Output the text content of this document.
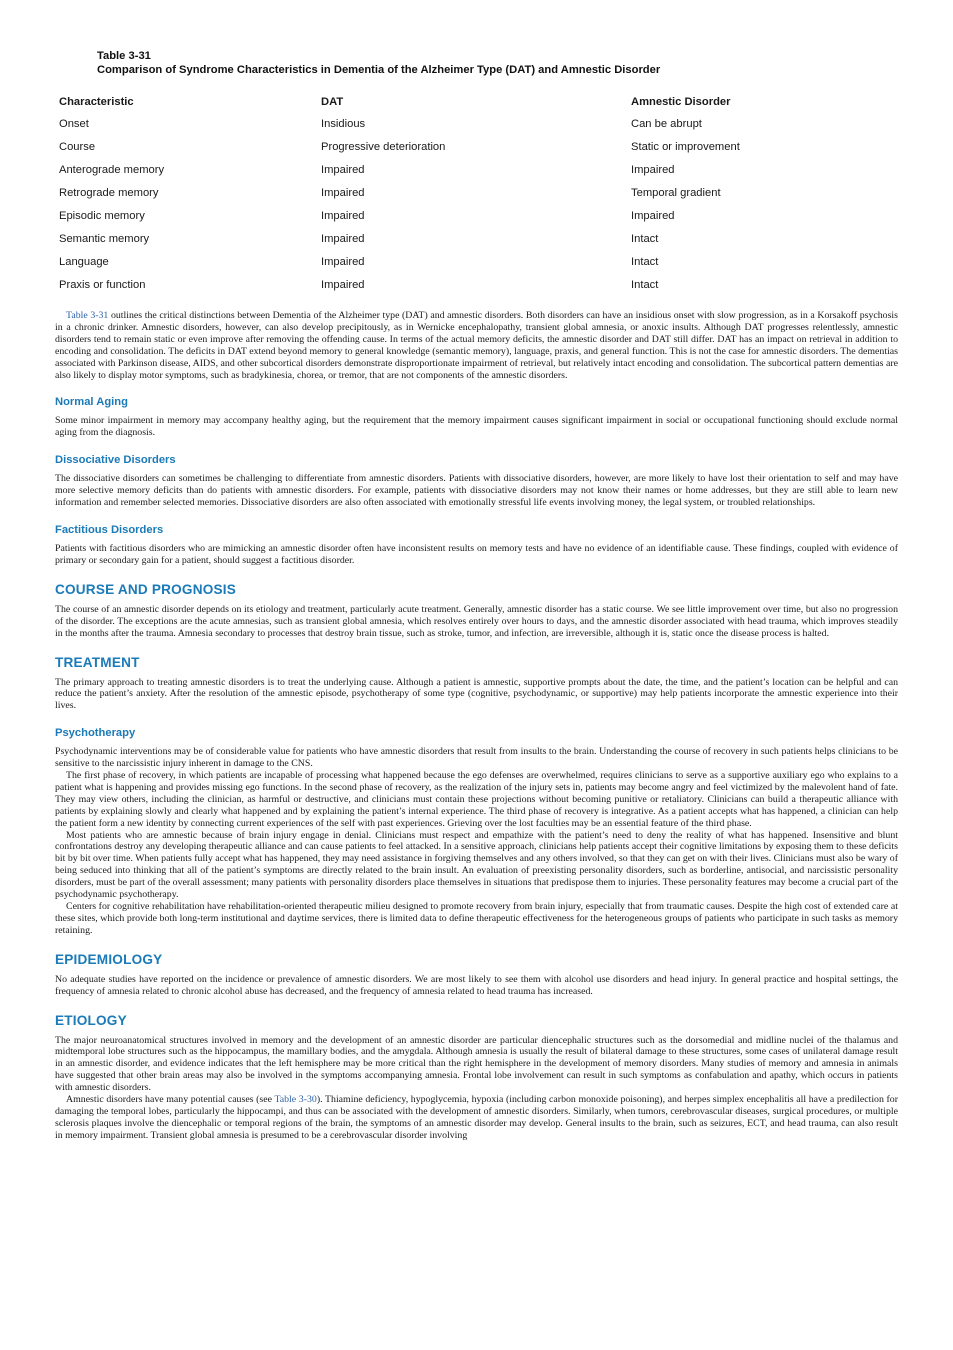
Table 3-31
Comparison of Syndrome Characteristics in Dementia of the Alzheimer Type (DAT) and Amnestic Disorder
Characteristic	DAT	Amnestic Disorder
Onset	Insidious	Can be abrupt
Course	Progressive deterioration	Static or improvement
Anterograde memory	Impaired	Impaired
Retrograde memory	Impaired	Temporal gradient
Episodic memory	Impaired	Impaired
Semantic memory	Impaired	Intact
Language	Impaired	Intact
Praxis or function	Impaired	Intact

Table 3-31 outlines the critical distinctions between Dementia of the Alzheimer type (DAT) and amnestic disorders. Both disorders can have an insidious onset with slow progression, as in a Korsakoff psychosis in a chronic drinker. Amnestic disorders, however, can also develop precipitously, as in Wernicke encephalopathy, transient global amnesia, or anoxic insults. Although DAT progresses relentlessly, amnestic disorders tend to remain static or even improve after removing the offending cause. In terms of the actual memory deficits, the amnestic disorder and DAT still differ. DAT has an impact on retrieval in addition to encoding and consolidation. The deficits in DAT extend beyond memory to general knowledge (semantic memory), language, praxis, and general function. This is not the case for amnestic disorders. The dementias associated with Parkinson disease, AIDS, and other subcortical disorders demonstrate disproportionate impairment of retrieval, but relatively intact encoding and consolidation. The subcortical pattern dementias are also likely to display motor symptoms, such as bradykinesia, chorea, or tremor, that are not components of the amnestic disorders.

Normal Aging

Some minor impairment in memory may accompany healthy aging, but the requirement that the memory impairment causes significant impairment in social or occupational functioning should exclude normal aging from the diagnosis.

Dissociative Disorders

The dissociative disorders can sometimes be challenging to differentiate from amnestic disorders. Patients with dissociative disorders, however, are more likely to have lost their orientation to self and may have more selective memory deficits than do patients with amnestic disorders. For example, patients with dissociative disorders may not know their names or home addresses, but they are still able to learn new information and remember selected memories. Dissociative disorders are also often associated with emotionally stressful life events involving money, the legal system, or troubled relationships.

Factitious Disorders

Patients with factitious disorders who are mimicking an amnestic disorder often have inconsistent results on memory tests and have no evidence of an identifiable cause. These findings, coupled with evidence of primary or secondary gain for a patient, should suggest a factitious disorder.

COURSE AND PROGNOSIS

The course of an amnestic disorder depends on its etiology and treatment, particularly acute treatment. Generally, amnestic disorder has a static course. We see little improvement over time, but also no progression of the disorder. The exceptions are the acute amnesias, such as transient global amnesia, which resolves entirely over hours to days, and the amnestic disorder associated with head trauma, which improves steadily in the months after the trauma. Amnesia secondary to processes that destroy brain tissue, such as stroke, tumor, and infection, are irreversible, although it is, static once the disease process is halted.

TREATMENT

The primary approach to treating amnestic disorders is to treat the underlying cause. Although a patient is amnestic, supportive prompts about the date, the time, and the patient’s location can be helpful and can reduce the patient’s anxiety. After the resolution of the amnestic episode, psychotherapy of some type (cognitive, psychodynamic, or supportive) may help patients incorporate the amnestic experience into their lives.

Psychotherapy

Psychodynamic interventions may be of considerable value for patients who have amnestic disorders that result from insults to the brain. Understanding the course of recovery in such patients helps clinicians to be sensitive to the narcissistic injury inherent in damage to the CNS.

The first phase of recovery, in which patients are incapable of processing what happened because the ego defenses are overwhelmed, requires clinicians to serve as a supportive auxiliary ego who explains to a patient what is happening and provides missing ego functions. In the second phase of recovery, as the realization of the injury sets in, patients may become angry and feel victimized by the malevolent hand of fate. They may view others, including the clinician, as harmful or destructive, and clinicians must contain these projections without becoming punitive or retaliatory. Clinicians can build a therapeutic alliance with patients by explaining slowly and clearly what happened and by explaining the patient’s internal experience. The third phase of recovery is integrative. As a patient accepts what has happened, a clinician can help the patient form a new identity by connecting current experiences of the self with past experiences. Grieving over the lost faculties may be an essential feature of the third phase.

Most patients who are amnestic because of brain injury engage in denial. Clinicians must respect and empathize with the patient’s need to deny the reality of what has happened. Insensitive and blunt confrontations destroy any developing therapeutic alliance and can cause patients to feel attacked. In a sensitive approach, clinicians help patients accept their cognitive limitations by exposing them to these deficits bit by bit over time. When patients fully accept what has happened, they may need assistance in forgiving themselves and any others involved, so that they can get on with their lives. Clinicians must also be wary of being seduced into thinking that all of the patient’s symptoms are directly related to the brain insult. An evaluation of preexisting personality disorders, such as borderline, antisocial, and narcissistic personality disorders, must be part of the overall assessment; many patients with personality disorders place themselves in situations that predispose them to injuries. These personality features may become a crucial part of the psychodynamic psychotherapy.

Centers for cognitive rehabilitation have rehabilitation-oriented therapeutic milieu designed to promote recovery from brain injury, especially that from traumatic causes. Despite the high cost of extended care at these sites, which provide both long-term institutional and daytime services, there is limited data to define therapeutic effectiveness for the heterogeneous groups of patients who participate in such tasks as memory retaining.

EPIDEMIOLOGY

No adequate studies have reported on the incidence or prevalence of amnestic disorders. We are most likely to see them with alcohol use disorders and head injury. In general practice and hospital settings, the frequency of amnesia related to chronic alcohol abuse has decreased, and the frequency of amnesia related to head trauma has increased.

ETIOLOGY

The major neuroanatomical structures involved in memory and the development of an amnestic disorder are particular diencephalic structures such as the dorsomedial and midline nuclei of the thalamus and midtemporal lobe structures such as the hippocampus, the mamillary bodies, and the amygdala. Although amnesia is usually the result of bilateral damage to these structures, some cases of unilateral damage result in an amnestic disorder, and evidence indicates that the left hemisphere may be more critical than the right hemisphere in the development of memory disorders. Many studies of memory and amnesia in animals have suggested that other brain areas may also be involved in the symptoms accompanying amnesia. Frontal lobe involvement can result in such symptoms as confabulation and apathy, which occurs in patients with amnestic disorders.

Amnestic disorders have many potential causes (see Table 3-30). Thiamine deficiency, hypoglycemia, hypoxia (including carbon monoxide poisoning), and herpes simplex encephalitis all have a predilection for damaging the temporal lobes, particularly the hippocampi, and thus can be associated with the development of amnestic disorders. Similarly, when tumors, cerebrovascular diseases, surgical procedures, or multiple sclerosis plaques involve the diencephalic or temporal regions of the brain, the symptoms of an amnestic disorder may develop. General insults to the brain, such as seizures, ECT, and head trauma, can also result in memory impairment. Transient global amnesia is presumed to be a cerebrovascular disorder involving
